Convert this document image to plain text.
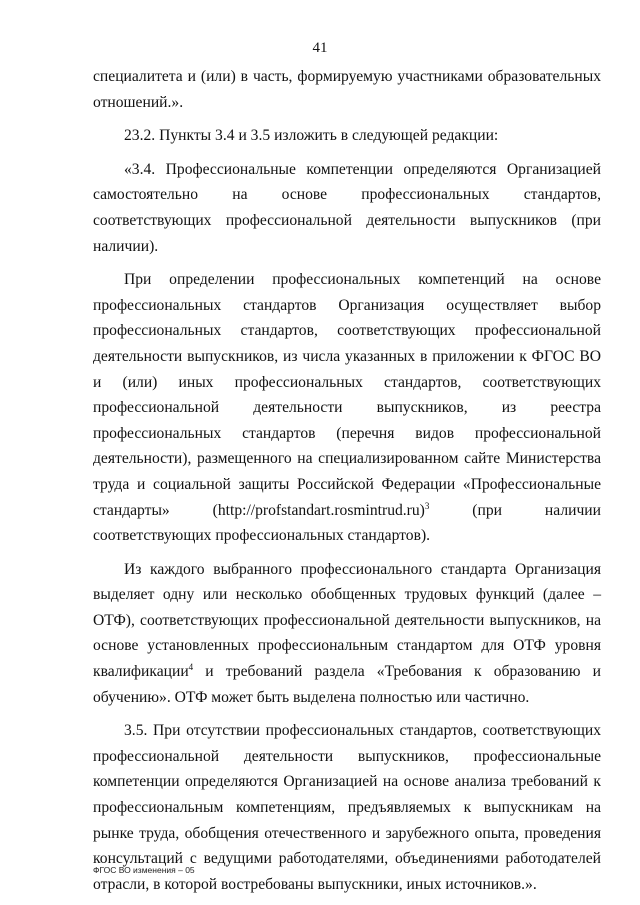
41

специалитета и (или) в часть, формируемую участниками образовательных отношений.».

23.2. Пункты 3.4 и 3.5 изложить в следующей редакции:

«3.4. Профессиональные компетенции определяются Организацией самостоятельно на основе профессиональных стандартов, соответствующих профессиональной деятельности выпускников (при наличии).

При определении профессиональных компетенций на основе профессиональных стандартов Организация осуществляет выбор профессиональных стандартов, соответствующих профессиональной деятельности выпускников, из числа указанных в приложении к ФГОС ВО и (или) иных профессиональных стандартов, соответствующих профессиональной деятельности выпускников, из реестра профессиональных стандартов (перечня видов профессиональной деятельности), размещенного на специализированном сайте Министерства труда и социальной защиты Российской Федерации «Профессиональные стандарты» (http://profstandart.rosmintrud.ru)$^3$ (при наличии соответствующих профессиональных стандартов).

Из каждого выбранного профессионального стандарта Организация выделяет одну или несколько обобщенных трудовых функций (далее – ОТФ), соответствующих профессиональной деятельности выпускников, на основе установленных профессиональным стандартом для ОТФ уровня квалификации$^4$ и требований раздела «Требования к образованию и обучению». ОТФ может быть выделена полностью или частично.

3.5. При отсутствии профессиональных стандартов, соответствующих профессиональной деятельности выпускников, профессиональные компетенции определяются Организацией на основе анализа требований к профессиональным компетенциям, предъявляемых к выпускникам на рынке труда, обобщения отечественного и зарубежного опыта, проведения консультаций с ведущими работодателями, объединениями работодателей отрасли, в которой востребованы выпускники, иных источников.».

ФГОС ВО изменения – 05
